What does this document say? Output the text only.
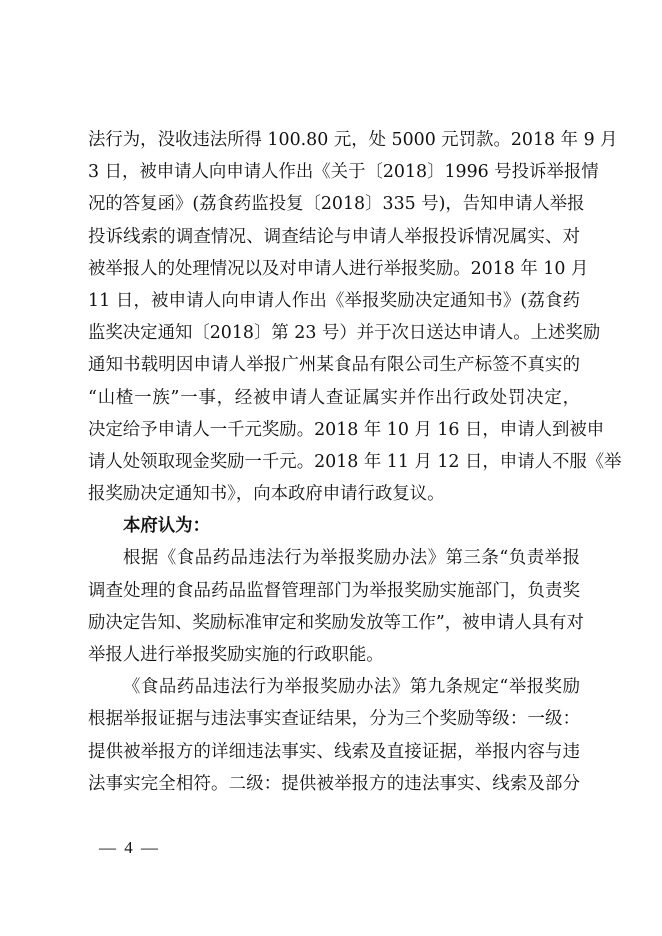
法行为，没收违法所得 100.80 元，处 5000 元罚款。2018 年 9 月
3 日，被申请人向申请人作出《关于〔2018〕1996 号投诉举报情
况的答复函》(荔食药监投复〔2018〕335 号)，告知申请人举报
投诉线索的调查情况、调查结论与申请人举报投诉情况属实、对
被举报人的处理情况以及对申请人进行举报奖励。2018 年 10 月
11 日，被申请人向申请人作出《举报奖励决定通知书》(荔食药
监奖决定通知〔2018〕第 23 号）并于次日送达申请人。上述奖励
通知书载明因申请人举报广州某食品有限公司生产标签不真实的
“山楂一族”一事，经被申请人查证属实并作出行政处罚决定，
决定给予申请人一千元奖励。2018 年 10 月 16 日，申请人到被申
请人处领取现金奖励一千元。2018 年 11 月 12 日，申请人不服《举
报奖励决定通知书》，向本政府申请行政复议。
本府认为：
根据《食品药品违法行为举报奖励办法》第三条“负责举报
调查处理的食品药品监督管理部门为举报奖励实施部门，负责奖
励决定告知、奖励标准审定和奖励发放等工作”，被申请人具有对
举报人进行举报奖励实施的行政职能。
《食品药品违法行为举报奖励办法》第九条规定“举报奖励
根据举报证据与违法事实查证结果，分为三个奖励等级：一级：
提供被举报方的详细违法事实、线索及直接证据，举报内容与违
法事实完全相符。二级：提供被举报方的违法事实、线索及部分
— 4 —
